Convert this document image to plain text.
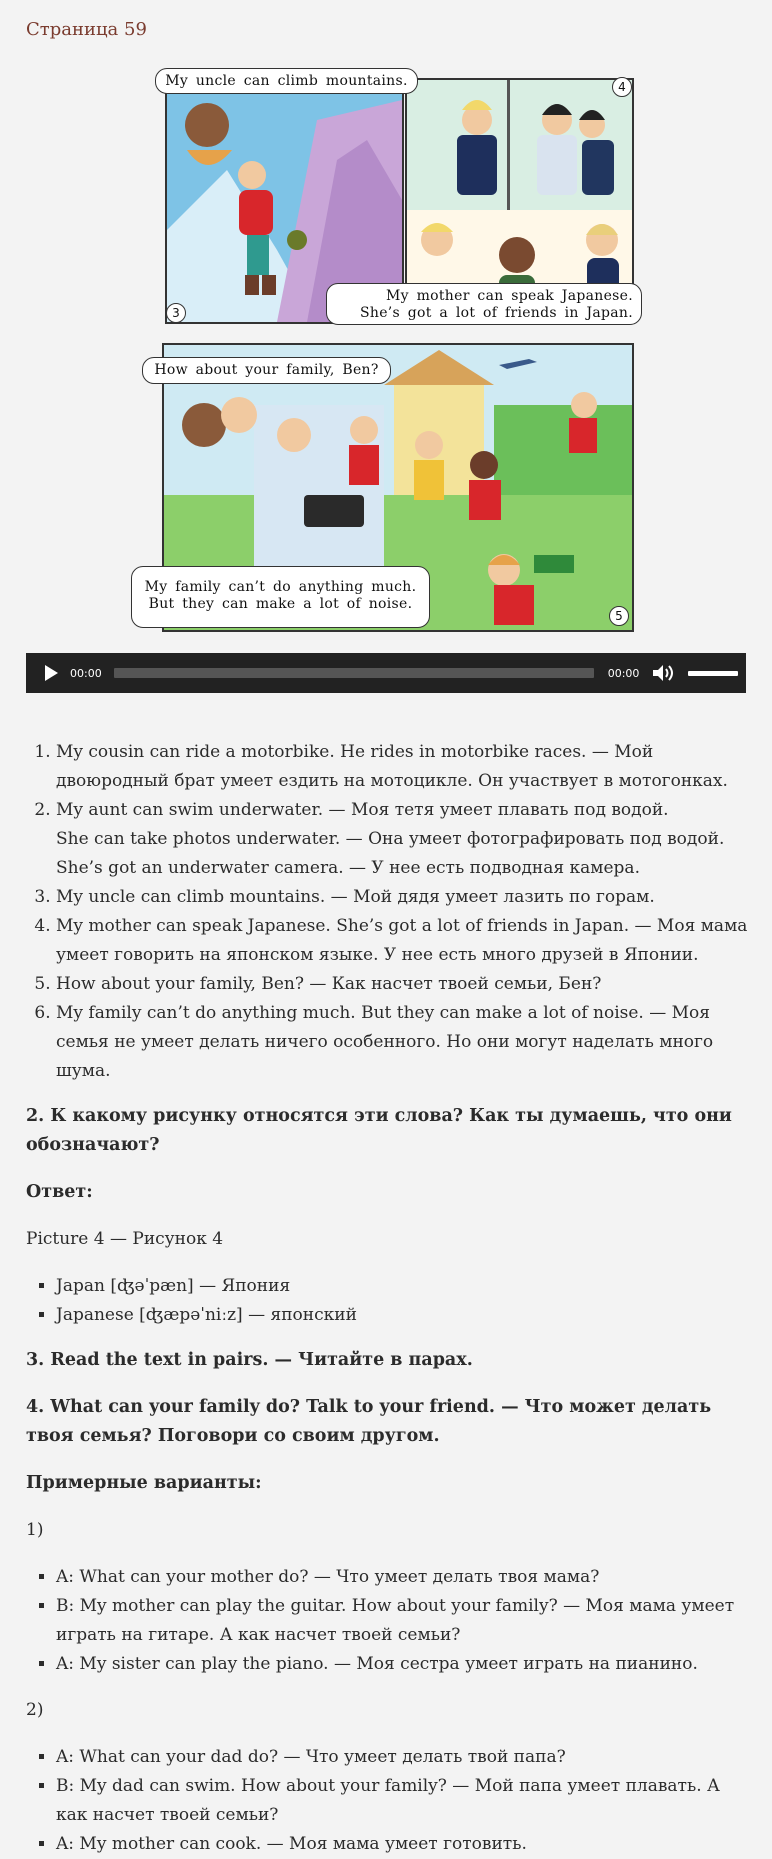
Страница 59
My uncle can climb mountains.
My mother can speak Japanese.
She’s got a lot of friends in Japan.
How about your family, Ben?
My family can’t do anything much.
But they can make a lot of noise.
3
4
5
00:00	00:00
1. My cousin can ride a motorbike. He rides in motorbike races. — Мой двоюродный брат умеет ездить на мотоцикле. Он участвует в мотогонках.
2. My aunt can swim underwater. — Моя тетя умеет плавать под водой.
She can take photos underwater. — Она умеет фотографировать под водой.
She’s got an underwater camera. — У нее есть подводная камера.
3. My uncle can climb mountains. — Мой дядя умеет лазить по горам.
4. My mother can speak Japanese. She’s got a lot of friends in Japan. — Моя мама умеет говорить на японском языке. У нее есть много друзей в Японии.
5. How about your family, Ben? — Как насчет твоей семьи, Бен?
6. My family can’t do anything much. But they can make a lot of noise. — Моя семья не умеет делать ничего особенного. Но они могут наделать много шума.
2. К какому рисунку относятся эти слова? Как ты думаешь, что они обозначают?

Ответ:

Picture 4 — Рисунок 4

▪ Japan [ʤəˈpæn] — Япония
▪ Japanese [ʤæpəˈniːz] — японский
3. Read the text in pairs. — Читайте в парах.
4. What can your family do? Talk to your friend. — Что может делать твоя семья? Поговори со своим другом.

Примерные варианты:

1)

▪ A: What can your mother do? — Что умеет делать твоя мама?
▪ B: My mother can play the guitar. How about your family? — Моя мама умеет играть на гитаре. А как насчет твоей семьи?
▪ A: My sister can play the piano. — Моя сестра умеет играть на пианино.

2)

▪ A: What can your dad do? — Что умеет делать твой папа?
▪ B: My dad can swim. How about your family? — Мой папа умеет плавать. А как насчет твоей семьи?
▪ A: My mother can cook. — Моя мама умеет готовить.
